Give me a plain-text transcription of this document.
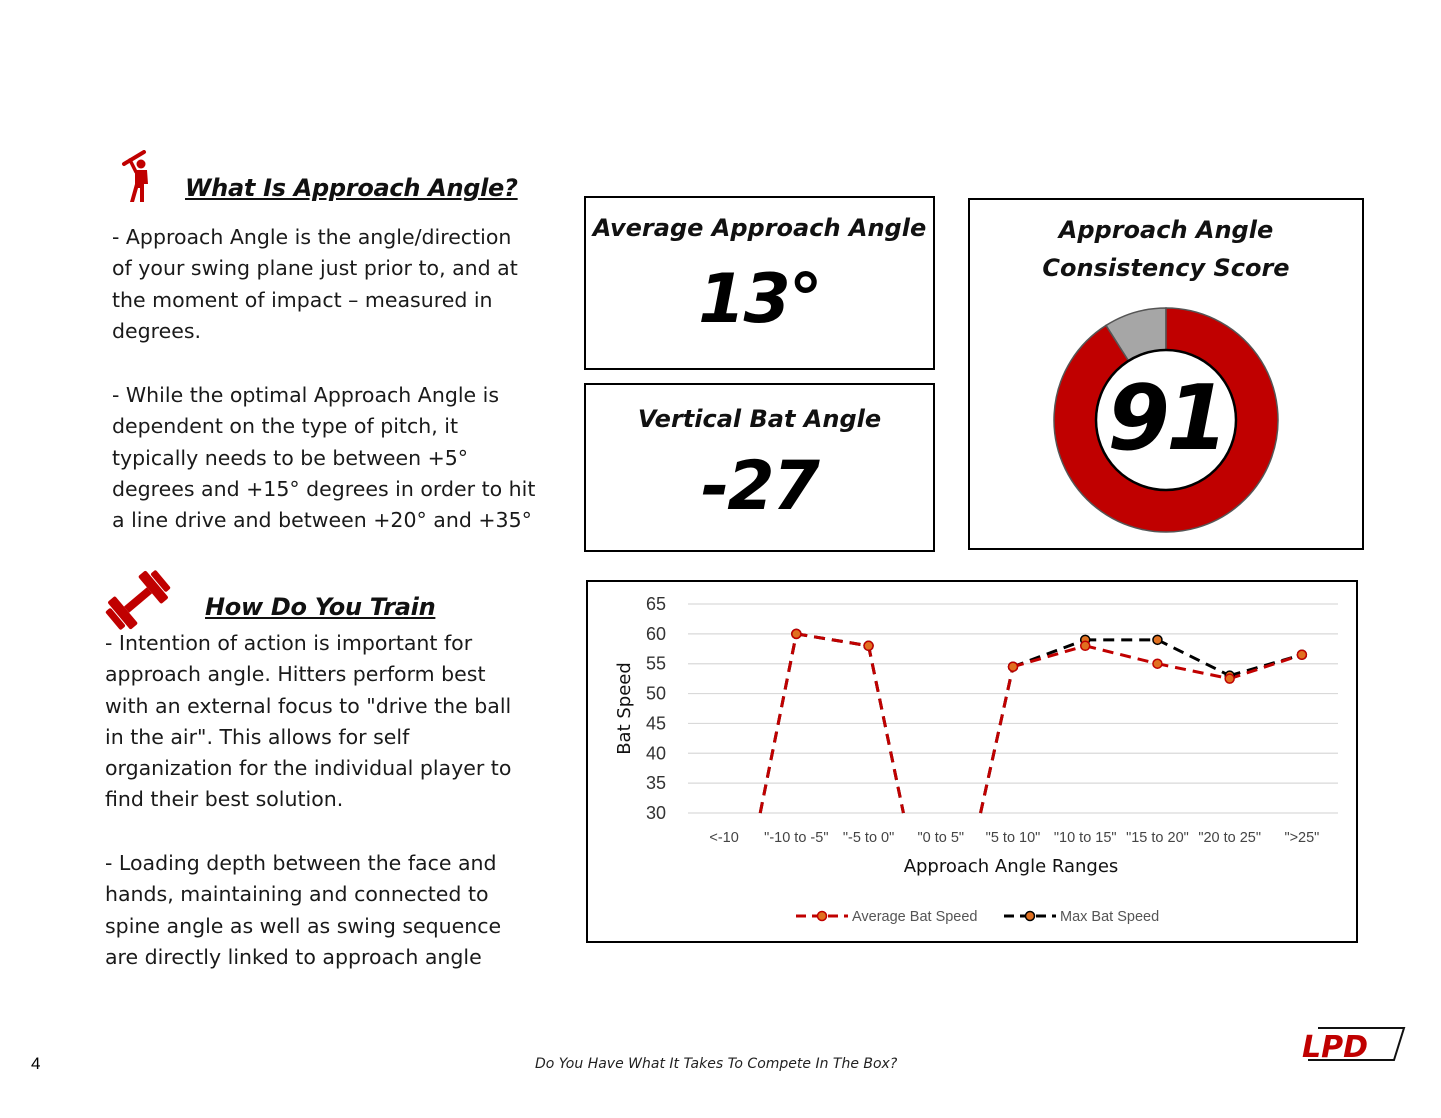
What Is Approach Angle?

- Approach Angle is the angle/direction
of your swing plane just prior to, and at
the moment of impact – measured in
degrees.

- While the optimal Approach Angle is
dependent on the type of pitch, it
typically needs to be between +5°
degrees and +15° degrees in order to hit
a line drive and between +20° and +35°

How Do You Train

- Intention of action is important for
approach angle. Hitters perform best
with an external focus to "drive the ball
in the air". This allows for self
organization for the individual player to
find their best solution.

- Loading depth between the face and
hands, maintaining and connected to
spine angle as well as swing sequence
are directly linked to approach angle

Average Approach Angle
13°
Vertical Bat Angle
-27
Approach Angle
Consistency Score
91
30
35
40
45
50
55
60
65
<-10 "-10 to -5" "-5 to 0" "0 to 5" "5 to 10" "10 to 15" "15 to 20" "20 to 25" ">25"
Bat Speed
Approach Angle Ranges
Average Bat Speed	Max Bat Speed
4	Do You Have What It Takes To Compete In The Box?	LPD
